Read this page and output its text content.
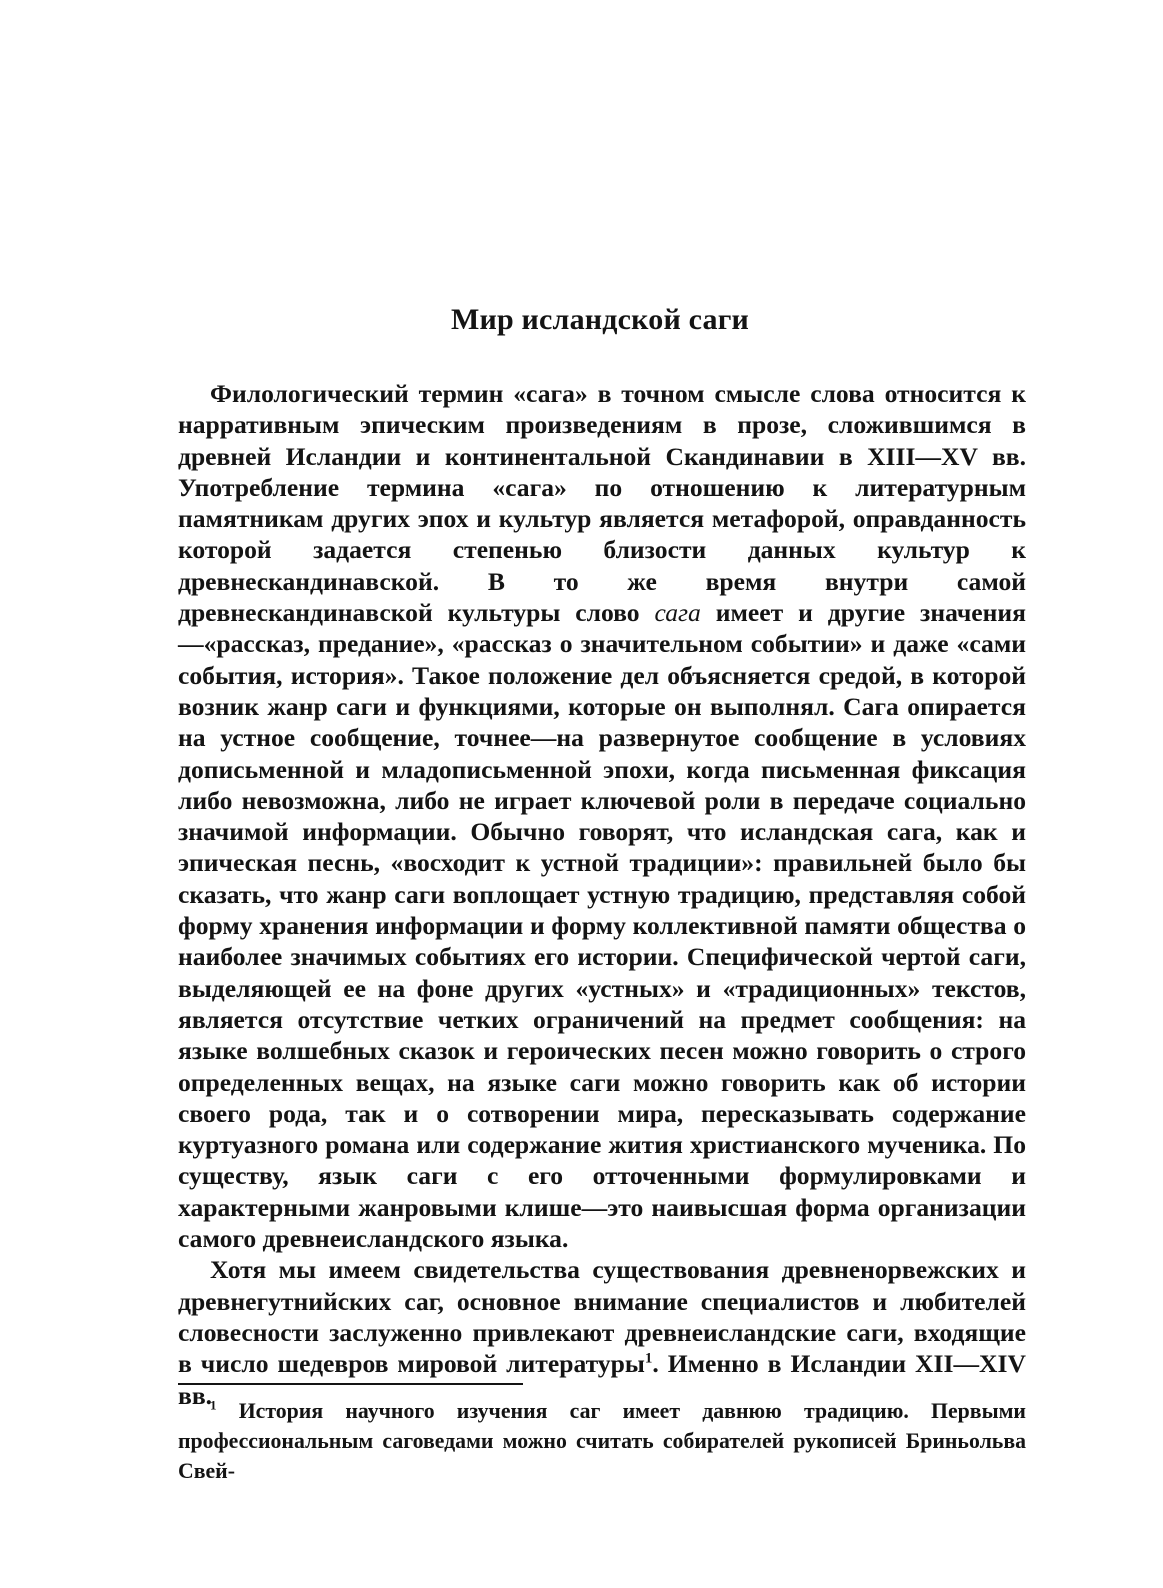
Мир исландской саги

Филологический термин «сага» в точном смысле слова относится к нарративным эпическим произведениям в прозе, сложившимся в древней Исландии и континентальной Скандинавии в XIII—XV вв. Употребление термина «сага» по отношению к литературным памятникам других эпох и культур является метафорой, оправданность которой задается степенью близости данных культур к древнескандинавской. В то же время внутри самой древнескандинавской культуры слово сага имеет и другие значения—«рассказ, предание», «рассказ о значительном событии» и даже «сами события, история». Такое положение дел объясняется средой, в которой возник жанр саги и функциями, которые он выполнял. Сага опирается на устное сообщение, точнее—на развернутое сообщение в условиях дописьменной и младописьменной эпохи, когда письменная фиксация либо невозможна, либо не играет ключевой роли в передаче социально значимой информации. Обычно говорят, что исландская сага, как и эпическая песнь, «восходит к устной традиции»: правильней было бы сказать, что жанр саги воплощает устную традицию, представляя собой форму хранения информации и форму коллективной памяти общества о наиболее значимых событиях его истории. Специфической чертой саги, выделяющей ее на фоне других «устных» и «традиционных» текстов, является отсутствие четких ограничений на предмет сообщения: на языке волшебных сказок и героических песен можно говорить о строго определенных вещах, на языке саги можно говорить как об истории своего рода, так и о сотворении мира, пересказывать содержание куртуазного романа или содержание жития христианского мученика. По существу, язык саги с его отточенными формулировками и характерными жанровыми клише—это наивысшая форма организации самого древнеисландского языка.

Хотя мы имеем свидетельства существования древненорвежских и древнегутнийских саг, основное внимание специалистов и любителей словесности заслуженно привлекают древнеисландские саги, входящие в число шедевров мировой литературы$^1$. Именно в Исландии XII—XIV вв.

$^1$ История научного изучения саг имеет давнюю традицию. Первыми профессиональным саговедами можно считать собирателей рукописей Бриньольва Свей-
